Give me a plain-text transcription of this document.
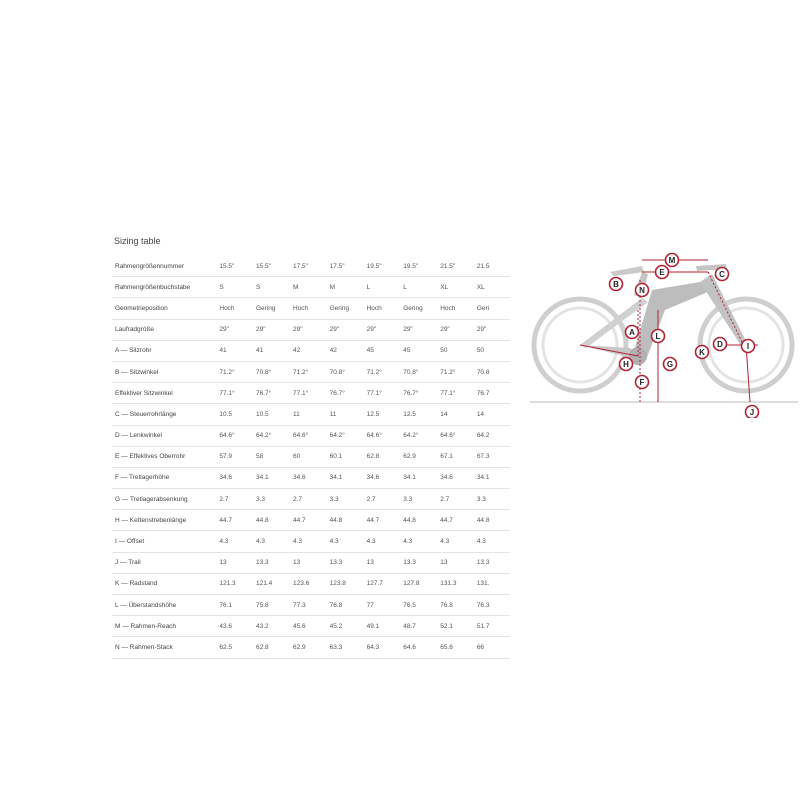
Sizing table
Rahmengrößennummer	15.5"	15.5"	17.5"	17.5"	19.5"	19.5"	21.5"	21.5
Rahmengrößenbuchstabe	S	S	M	M	L	L	XL	XL
Geometrieposition	Hoch	Gering	Hoch	Gering	Hoch	Gering	Hoch	Geri
Laufradgröße	29"	29"	29"	29"	29"	29"	29"	29"
A — Sitzrohr	41	41	42	42	45	45	50	50
B — Sitzwinkel	71.2°	70.8°	71.2°	70.8°	71.2°	70.8°	71.2°	70.8
Effektiver Sitzwinkel	77.1°	76.7°	77.1°	76.7°	77.1°	76.7°	77.1°	76.7
C — Steuerrohrlänge	10.5	10.5	11	11	12.5	12.5	14	14
D — Lenkwinkel	64.6°	64.2°	64.6°	64.2°	64.6°	64.2°	64.6°	64.2
E — Effektives Oberrohr	57.9	58	60	60.1	62.8	62.9	67.1	67.3
F — Tretlagerhöhe	34.6	34.1	34.6	34.1	34.6	34.1	34.6	34.1
G — Tretlagerabsenkung	2.7	3.3	2.7	3.3	2.7	3.3	2.7	3.3
H — Kettenstrebenlänge	44.7	44.8	44.7	44.8	44.7	44.8	44.7	44.8
I — Offset	4.3	4.3	4.3	4.3	4.3	4.3	4.3	4.3
J — Trail	13	13.3	13	13.3	13	13.3	13	13.3
K — Radstand	121.3	121.4	123.6	123.8	127.7	127.8	131.3	131.
L — Überstandshöhe	76.1	75.6	77.3	76.8	77	76.5	76.8	76.3
M — Rahmen-Reach	43.6	43.2	45.6	45.2	49.1	48.7	52.1	51.7
N — Rahmen-Stack	62.5	62.8	62.9	63.3	64.3	64.6	65.6	66
M
E	C
B
N
A	L
H	G
D
K
I
F
J
